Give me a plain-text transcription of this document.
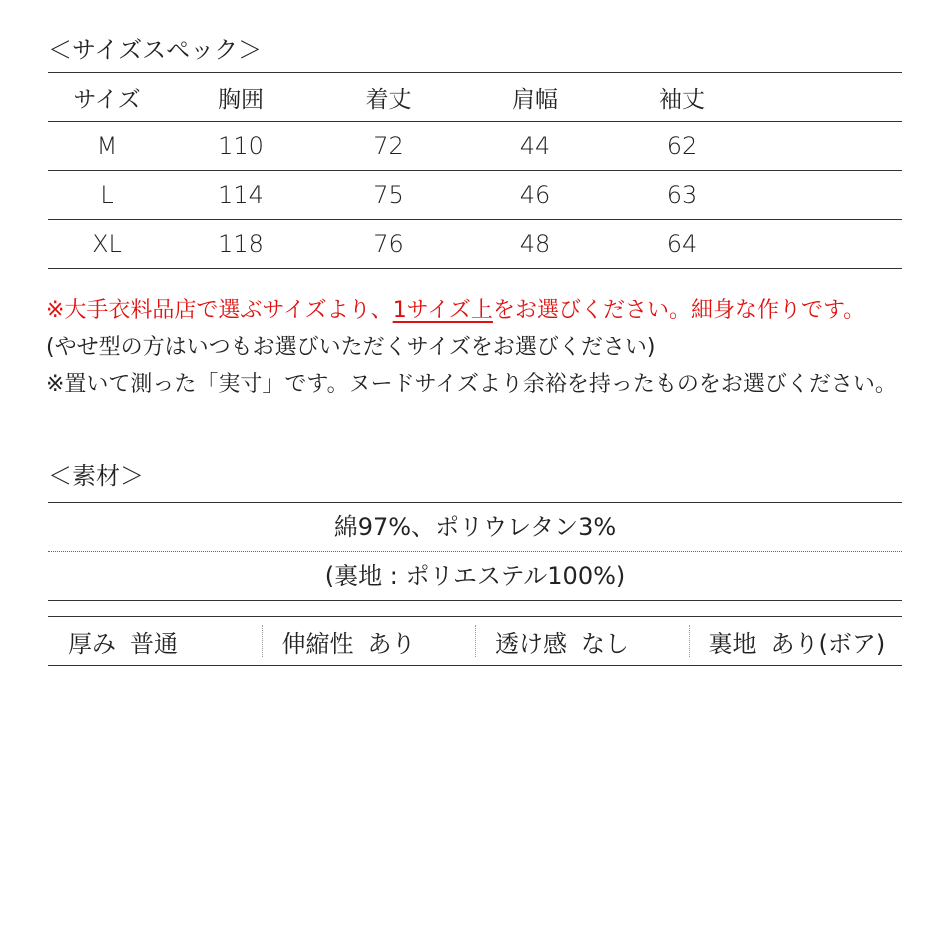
＜サイズスペック＞
サイズ	胸囲	着丈	肩幅	袖丈	
M	110	72	44	62	
L	114	75	46	63	
XL	118	76	48	64	
※大手衣料品店で選ぶサイズより、1サイズ上をお選びください。細身な作りです。
(やせ型の方はいつもお選びいただくサイズをお選びください)
※置いて測った「実寸」です。ヌードサイズより余裕を持ったものをお選びください。
＜素材＞
綿97%、ポリウレタン3%
(裏地 : ポリエステル100%)
厚み 普通	伸縮性 あり	透け感 なし	裏地 あり(ボア)
